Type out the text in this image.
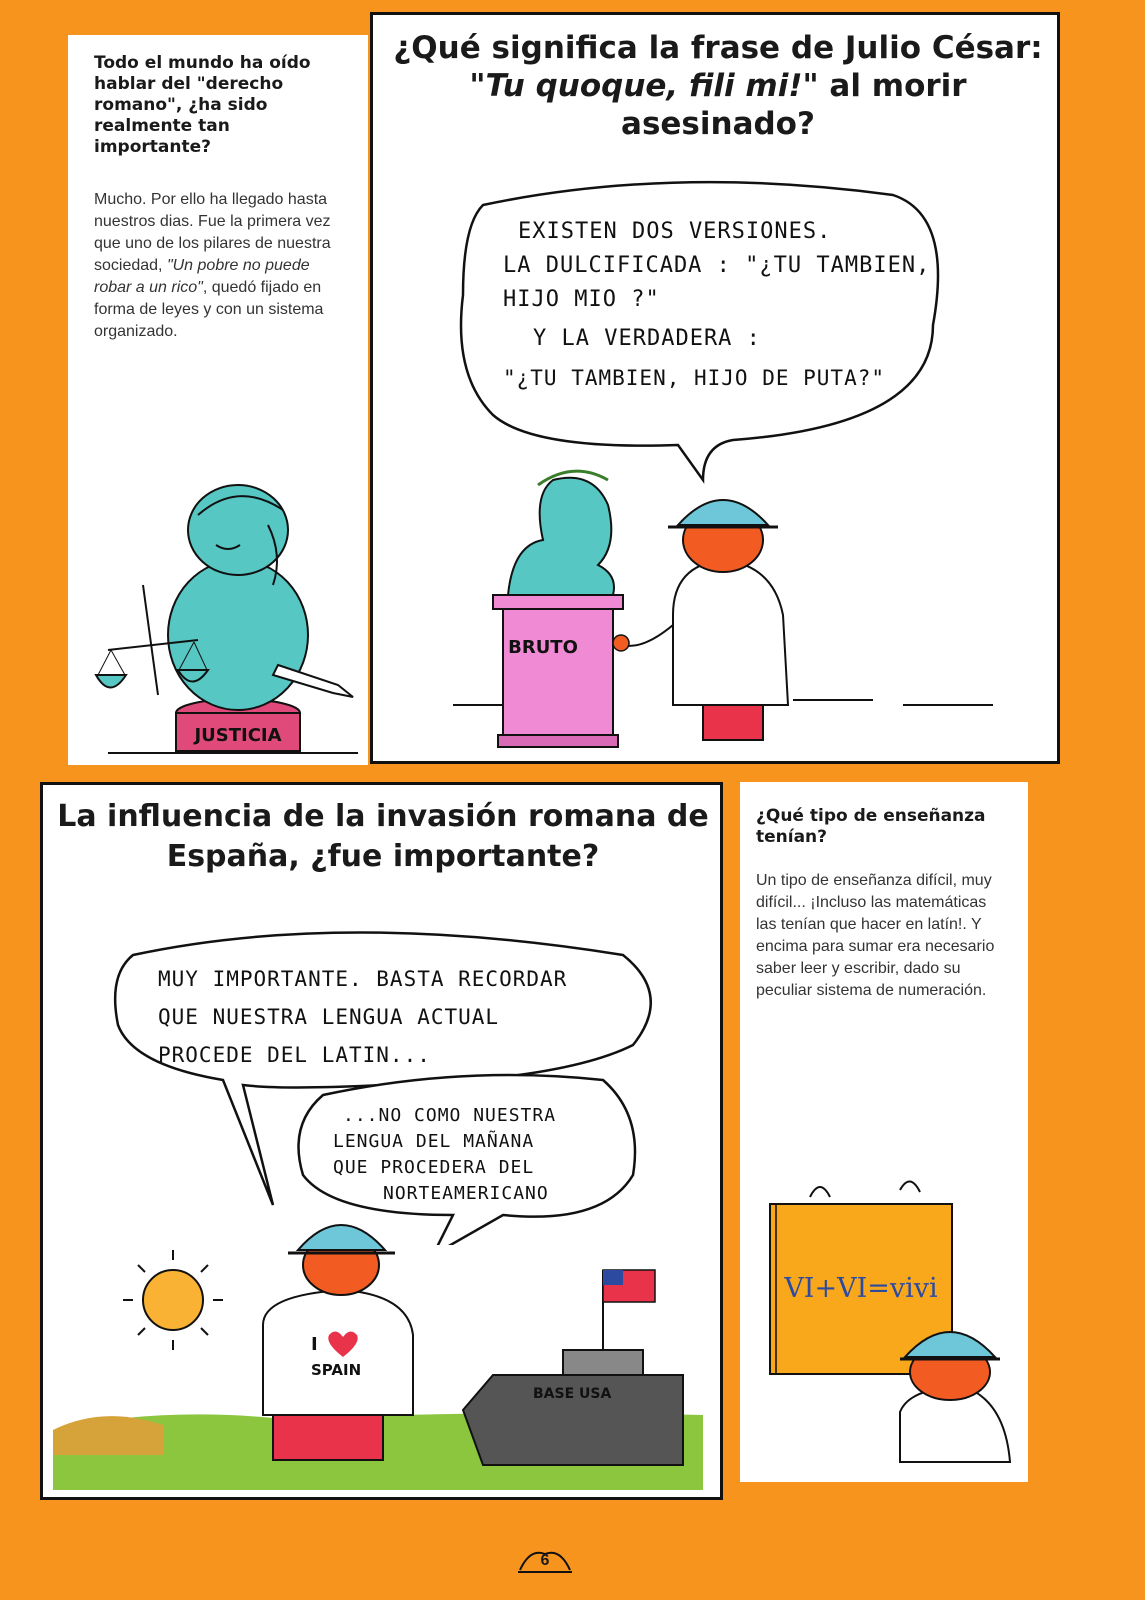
Todo el mundo ha oído hablar del "derecho romano", ¿ha sido realmente tan importante?

Mucho. Por ello ha llegado hasta nuestros dias. Fue la primera vez que uno de los pilares de nuestra sociedad, "Un pobre no puede robar a un rico", quedó fijado en forma de leyes y con un sistema organizado.

JUSTICIA
¿Qué significa la frase de Julio César: "Tu quoque, fili mi!" al morir asesinado?
EXISTEN DOS VERSIONES.
LA DULCIFICADA : "¿TU TAMBIEN,
HIJO MIO ?"
Y LA VERDADERA :
"¿TU TAMBIEN, HIJO DE PUTA?"
BRUTO
La influencia de la invasión romana de España, ¿fue importante?
MUY IMPORTANTE. BASTA RECORDAR
QUE NUESTRA LENGUA ACTUAL
PROCEDE DEL LATIN...
...NO COMO NUESTRA
LENGUA DEL MAÑANA
QUE PROCEDERA DEL
NORTEAMERICANO
BASE USA
I
SPAIN

¿Qué tipo de enseñanza tenían?

Un tipo de enseñanza difícil, muy difícil... ¡Incluso las matemáticas las tenían que hacer en latín!. Y encima para sumar era necesario saber leer y escribir, dado su peculiar sistema de numeración.

VI+VI=vivi
6
